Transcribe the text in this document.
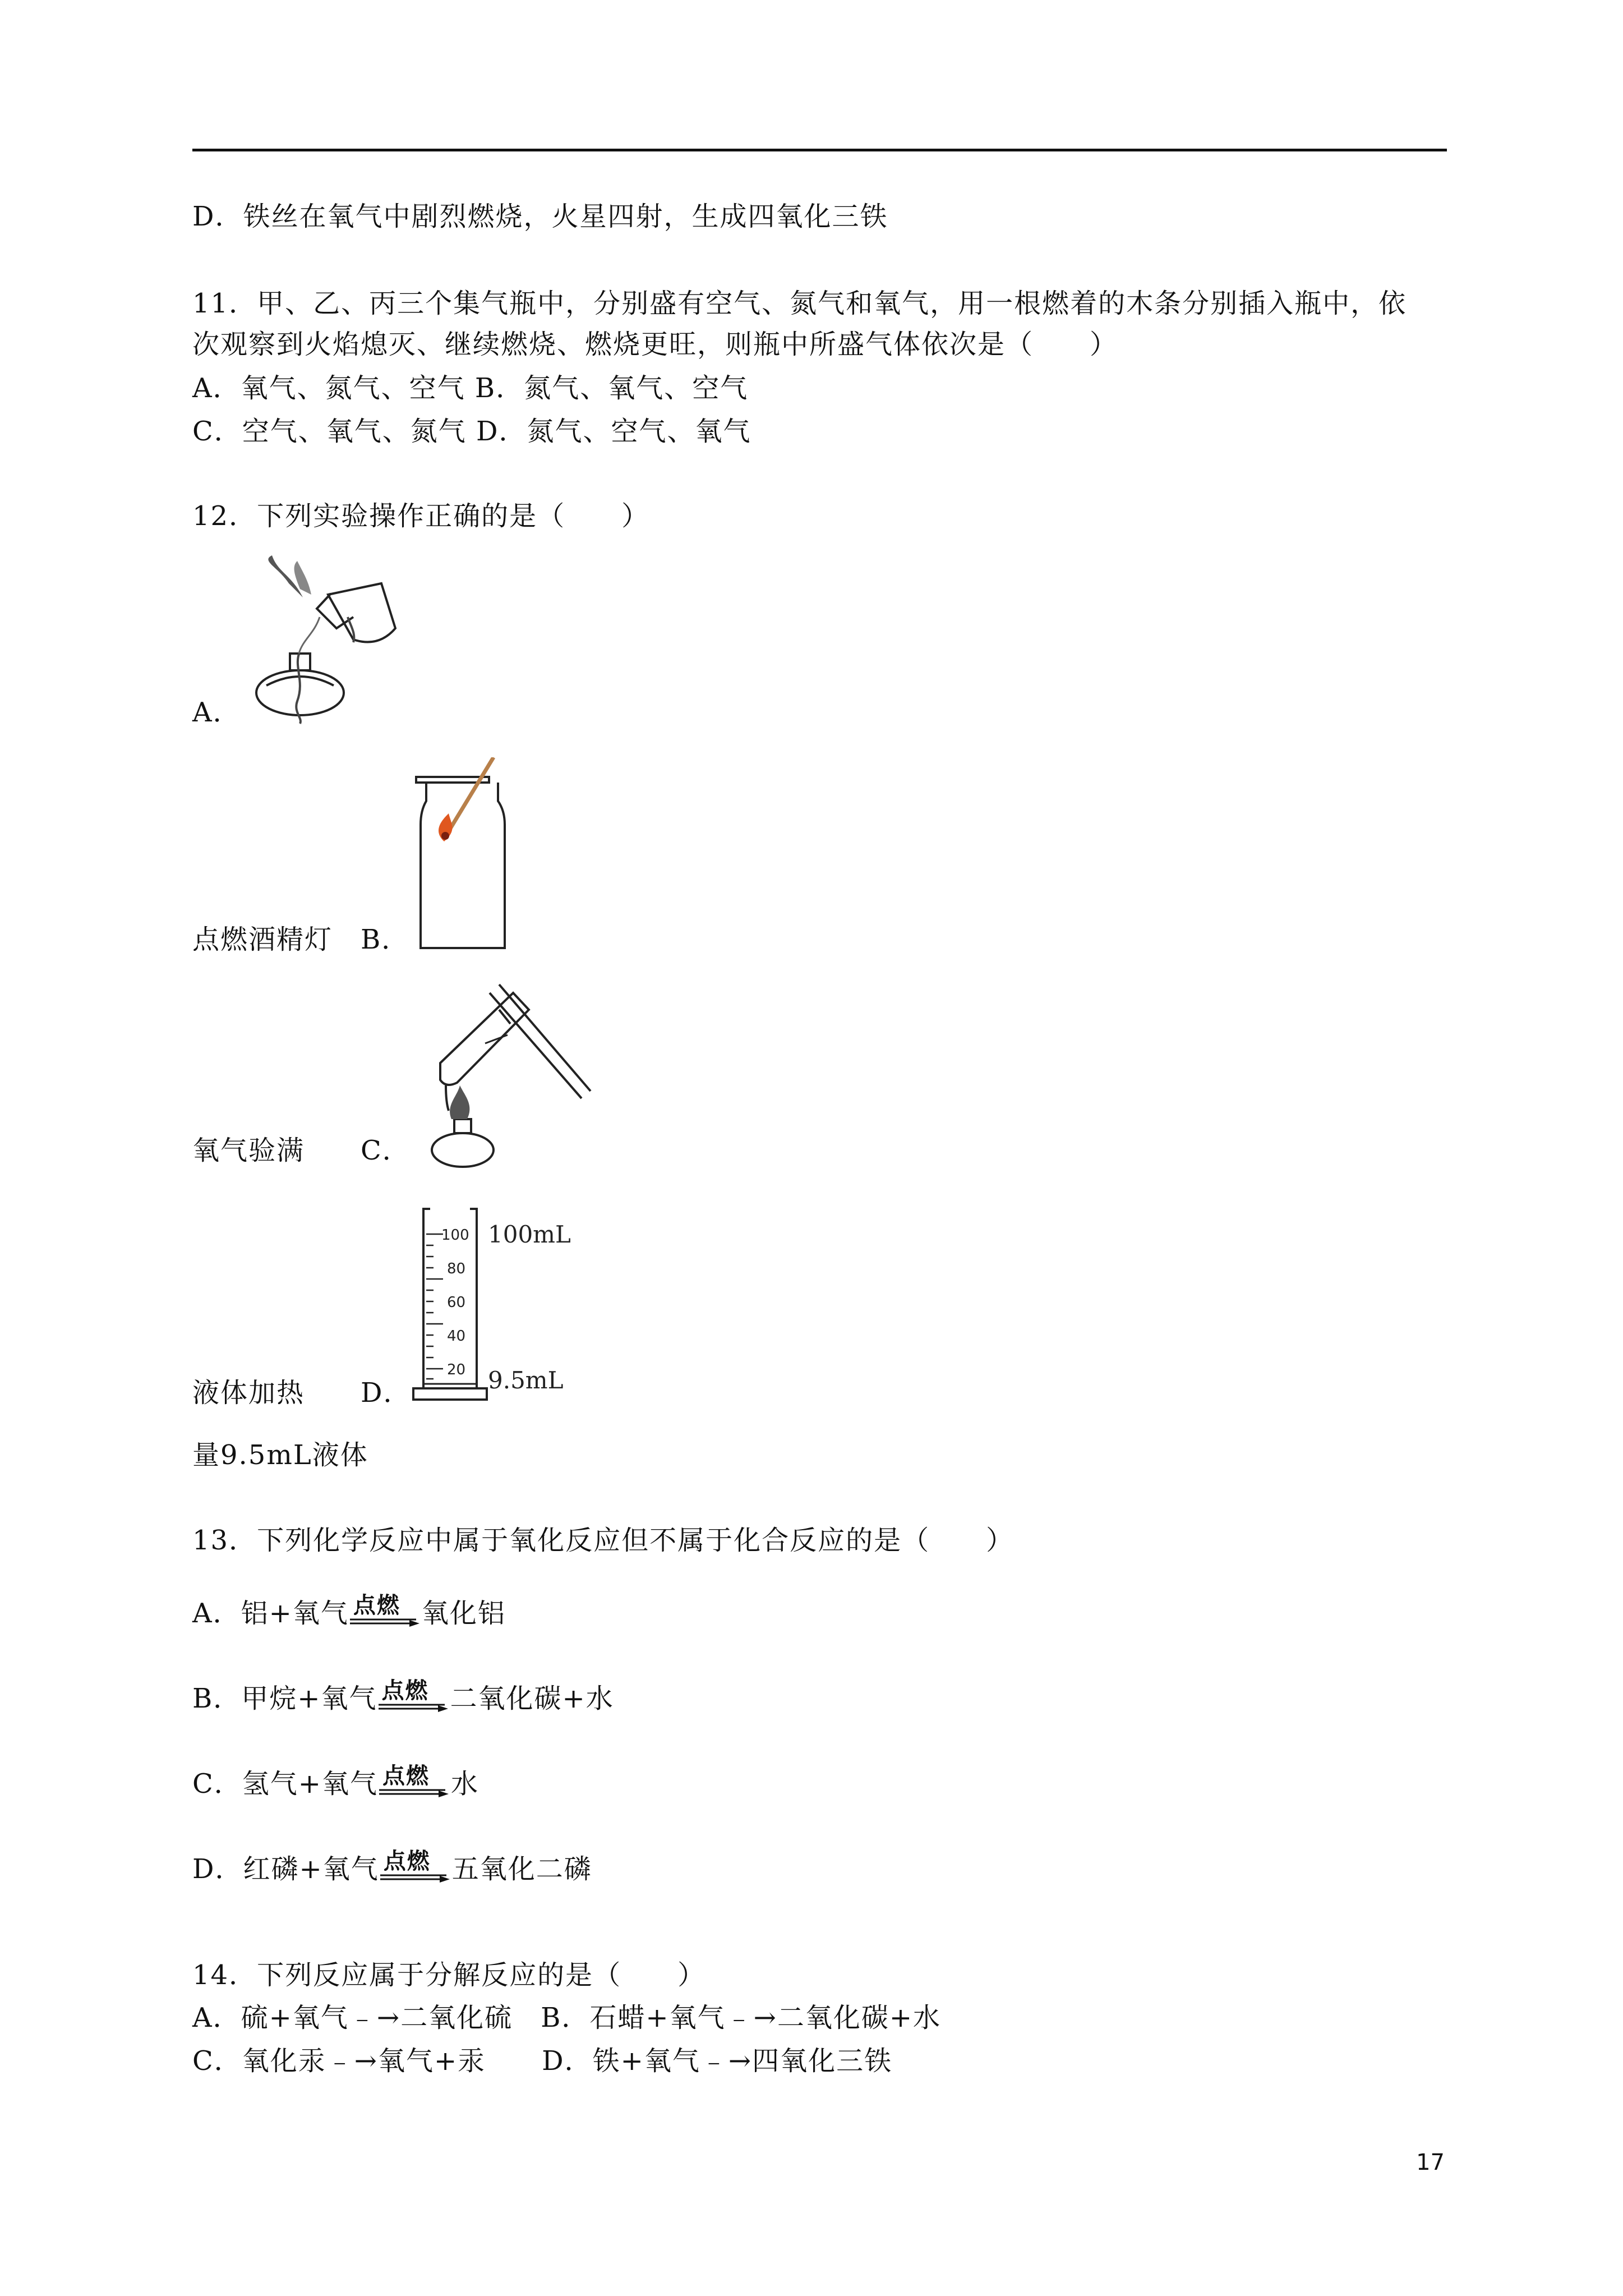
D．铁丝在氧气中剧烈燃烧，火星四射，生成四氧化三铁
11．甲、乙、丙三个集气瓶中，分别盛有空气、氮气和氧气，用一根燃着的木条分别插入瓶中，依
次观察到火焰熄灭、继续燃烧、燃烧更旺，则瓶中所盛气体依次是（　　）
A．氧气、氮气、空气 B．氮气、氧气、空气
C．空气、氧气、氮气 D．氮气、空气、氧气
12．下列实验操作正确的是（　　）
A．
点燃酒精灯　 B．
氧气验满　　 C．
100
80
60
40
20
100mL
9.5mL
液体加热　　 D．
量9.5mL液体
13．下列化学反应中属于氧化反应但不属于化合反应的是（　　）
A．铝+氧气 点燃 氧化铝
B．甲烷+氧气 点燃 二氧化碳+水
C．氢气+氧气 点燃 水
D．红磷+氧气 点燃 五氧化二磷
14．下列反应属于分解反应的是（　　）
A．硫+氧气﹣→二氧化硫　B．石蜡+氧气﹣→二氧化碳+水
C．氧化汞﹣→氧气+汞　　D．铁+氧气﹣→四氧化三铁
17
